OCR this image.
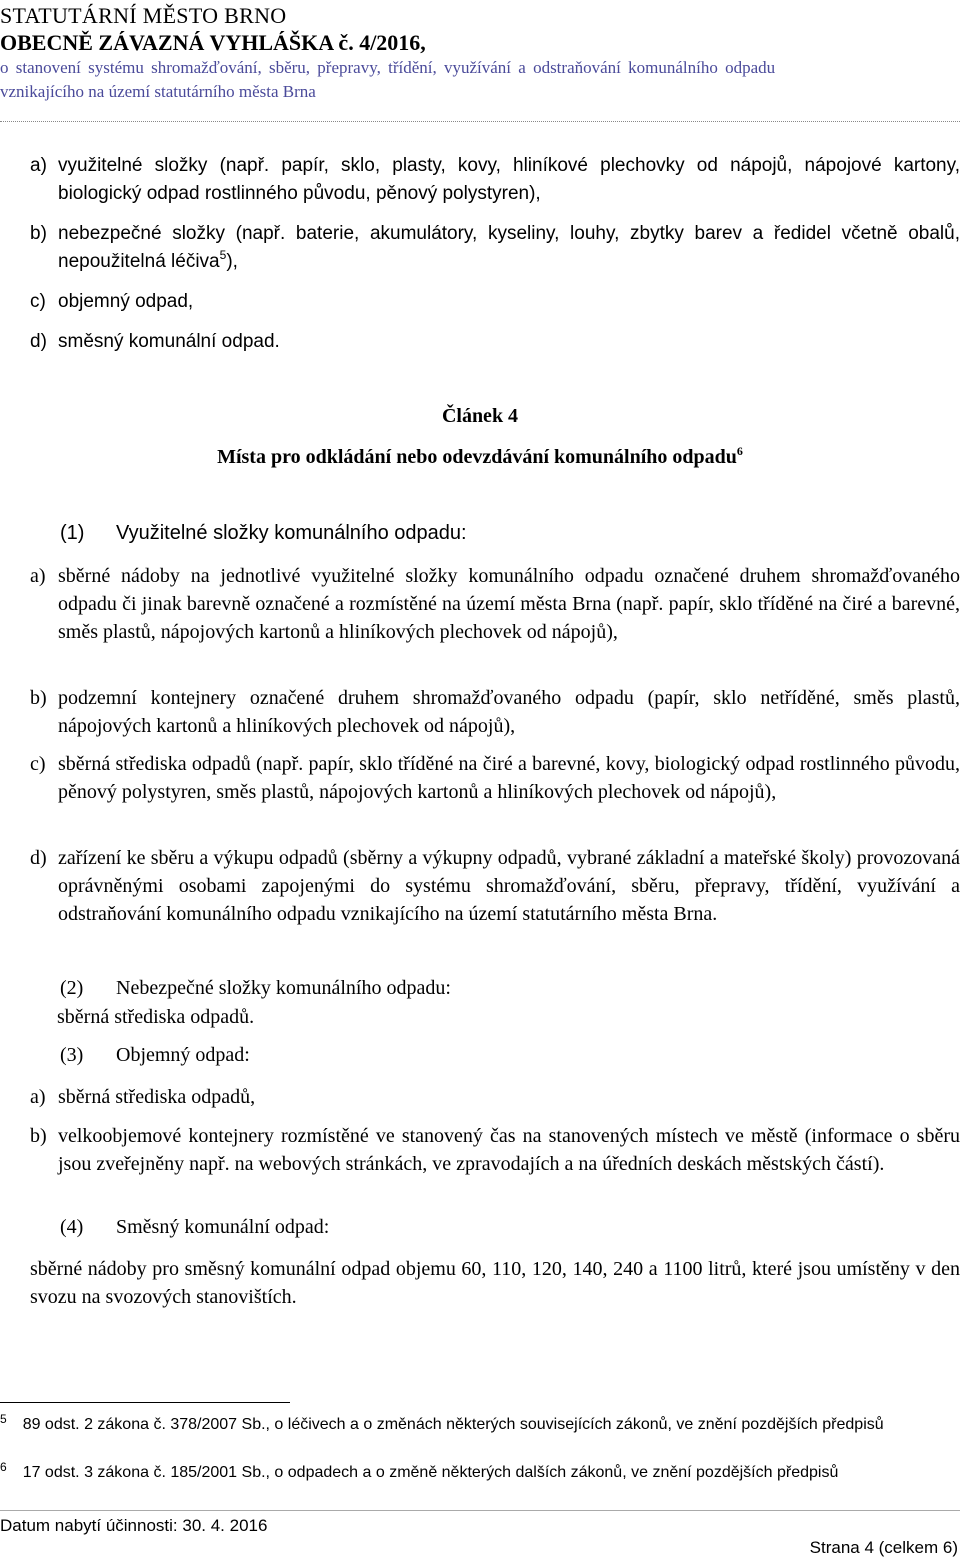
STATUTÁRNÍ MĚSTO BRNO
OBECNĚ ZÁVAZNÁ VYHLÁŠKA č. 4/2016,
o stanovení systému shromažďování, sběru, přepravy, třídění, využívání a odstraňování komunálního odpadu
vznikajícího na území statutárního města Brna
a) využitelné složky (např. papír, sklo, plasty, kovy, hliníkové plechovky od nápojů, nápojové kartony, biologický odpad rostlinného původu, pěnový polystyren),
b) nebezpečné složky (např. baterie, akumulátory, kyseliny, louhy, zbytky barev a ředidel včetně obalů, nepoužitelná léčiva$^5$),
c) objemný odpad,
d) směsný komunální odpad.
Článek 4
Místa pro odkládání nebo odevzdávání komunálního odpadu$^6$
(1) Využitelné složky komunálního odpadu:
a) sběrné nádoby na jednotlivé využitelné složky komunálního odpadu označené druhem shromažďovaného odpadu či jinak barevně označené a rozmístěné na území města Brna (např. papír, sklo tříděné na čiré a barevné, směs plastů, nápojových kartonů a hliníkových plechovek od nápojů),
b) podzemní kontejnery označené druhem shromažďovaného odpadu (papír, sklo netříděné, směs plastů, nápojových kartonů a hliníkových plechovek od nápojů),
c) sběrná střediska odpadů (např. papír, sklo tříděné na čiré a barevné, kovy, biologický odpad rostlinného původu, pěnový polystyren, směs plastů, nápojových kartonů a hliníkových plechovek od nápojů),
d) zařízení ke sběru a výkupu odpadů (sběrny a výkupny odpadů, vybrané základní a mateřské školy) provozovaná oprávněnými osobami zapojenými do systému shromažďování, sběru, přepravy, třídění, využívání a odstraňování komunálního odpadu vznikajícího na území statutárního města Brna.
(2) Nebezpečné složky komunálního odpadu:
sběrná střediska odpadů.
(3) Objemný odpad:
a) sběrná střediska odpadů,
b) velkoobjemové kontejnery rozmístěné ve stanovený čas na stanovených místech ve městě (informace o sběru jsou zveřejněny např. na webových stránkách, ve zpravodajích a na úředních deskách městských částí).
(4) Směsný komunální odpad:
sběrné nádoby pro směsný komunální odpad objemu 60, 110, 120, 140, 240 a 1100 litrů, které jsou umístěny v den svozu na svozových stanovištích.
$^5$ 89 odst. 2 zákona č. 378/2007 Sb., o léčivech a o změnách některých souvisejících zákonů, ve znění pozdějších předpisů
$^6$ 17 odst. 3 zákona č. 185/2001 Sb., o odpadech a o změně některých dalších zákonů, ve znění pozdějších předpisů
Datum nabytí účinnosti: 30. 4. 2016
Strana 4 (celkem 6)
